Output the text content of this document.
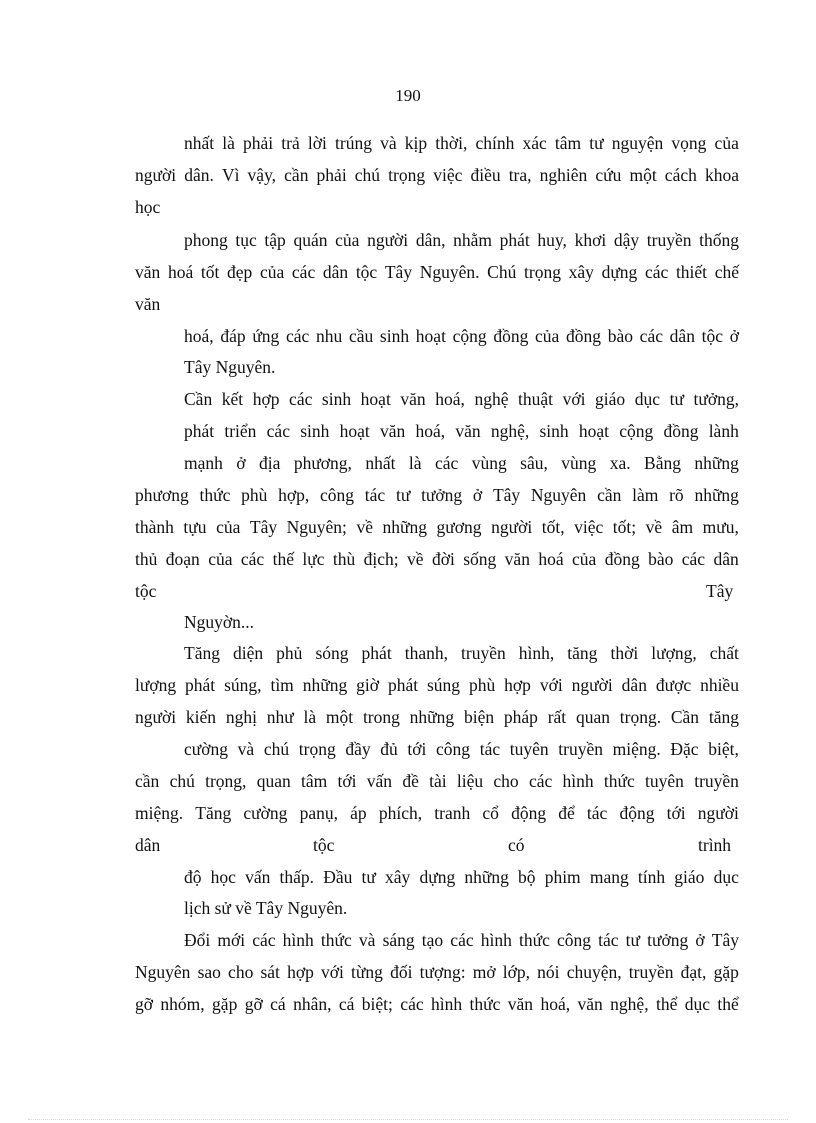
190
nhất là phải trả lời trúng và kịp thời, chính xác tâm tư nguyện vọng của
người dân. Vì vậy, cần phải chú trọng việc điều tra, nghiên cứu một cách khoa
học
phong tục tập quán của người dân, nhằm phát huy, khơi dậy truyền thống
văn hoá tốt đẹp của các dân tộc Tây Nguyên. Chú trọng xây dựng các thiết chế
văn
hoá, đáp ứng các nhu cầu sinh hoạt cộng đồng của đồng bào các dân tộc ở
Tây Nguyên.
Cần kết hợp các sinh hoạt văn hoá, nghệ thuật với giáo dục tư tưởng,
phát triển các sinh hoạt văn hoá, văn nghệ, sinh hoạt cộng đồng lành
mạnh ở địa phương, nhất là các vùng sâu, vùng xa. Bằng những
phương thức phù hợp, công tác tư tưởng ở Tây Nguyên cần làm rõ những
thành tựu của Tây Nguyên; về những gương người tốt, việc tốt; về âm mưu,
thủ đoạn của các thế lực thù địch; về đời sống văn hoá của đồng bào các dân
tộc	Tây
Nguyờn...
Tăng diện phủ sóng phát thanh, truyền hình, tăng thời lượng, chất
lượng phát súng, tìm những giờ phát súng phù hợp với người dân được nhiều
người kiến nghị như là một trong những biện pháp rất quan trọng. Cần tăng
cường và chú trọng đầy đủ tới công tác tuyên truyền miệng. Đặc biệt,
cần chú trọng, quan tâm tới vấn đề tài liệu cho các hình thức tuyên truyền
miệng. Tăng cường panụ, áp phích, tranh cổ động để tác động tới người
dân	tộc	có	trình
độ học vấn thấp. Đầu tư xây dựng những bộ phim mang tính giáo dục
lịch sử về Tây Nguyên.
Đổi mới các hình thức và sáng tạo các hình thức công tác tư tưởng ở Tây
Nguyên sao cho sát hợp với từng đối tượng: mở lớp, nói chuyện, truyền đạt, gặp
gỡ nhóm, gặp gỡ cá nhân, cá biệt; các hình thức văn hoá, văn nghệ, thể dục thể
